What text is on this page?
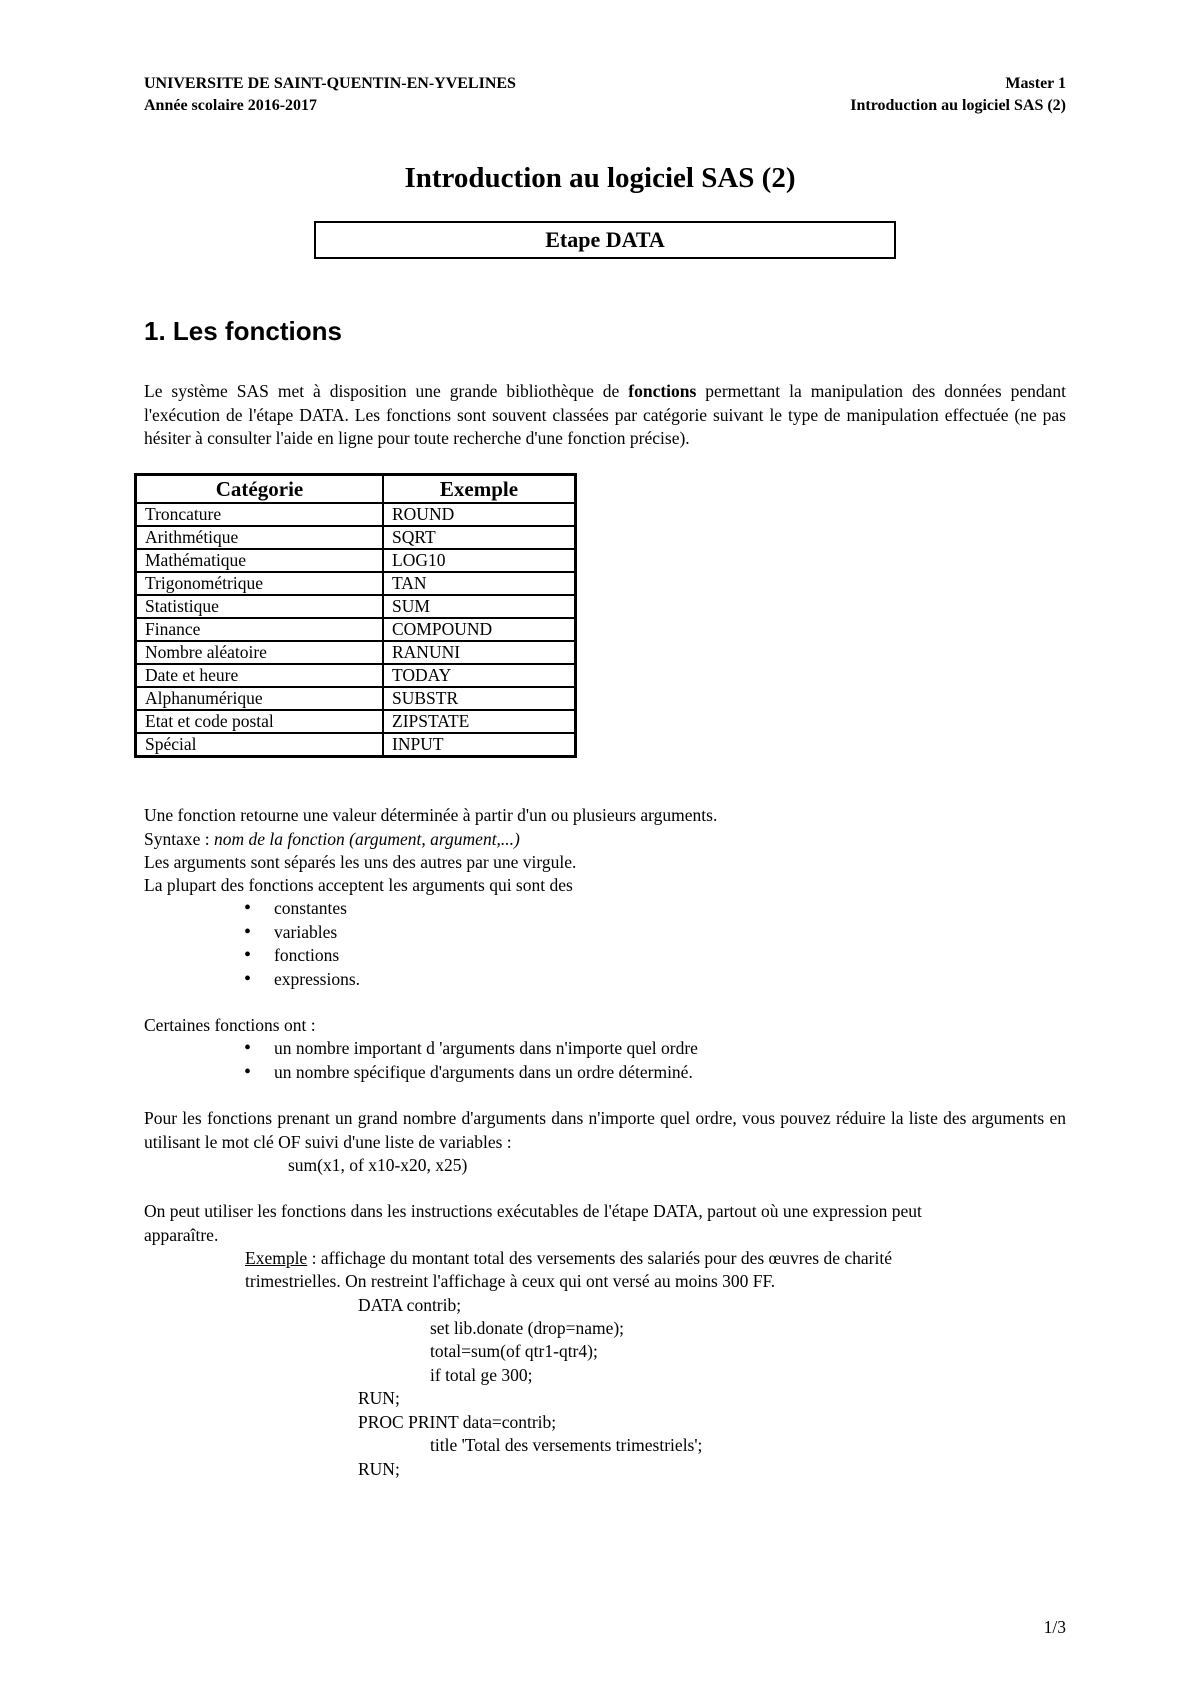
UNIVERSITE DE SAINT-QUENTIN-EN-YVELINES
Année scolaire 2016-2017
Master 1
Introduction au logiciel SAS (2)
Introduction au logiciel SAS (2)
Etape DATA
1. Les fonctions
Le système SAS met à disposition une grande bibliothèque de fonctions permettant la manipulation des données pendant l'exécution de l'étape DATA. Les fonctions sont souvent classées par catégorie suivant le type de manipulation effectuée (ne pas hésiter à consulter l'aide en ligne pour toute recherche d'une fonction précise).
Catégorie	Exemple
Troncature	ROUND
Arithmétique	SQRT
Mathématique	LOG10
Trigonométrique	TAN
Statistique	SUM
Finance	COMPOUND
Nombre aléatoire	RANUNI
Date et heure	TODAY
Alphanumérique	SUBSTR
Etat et code postal	ZIPSTATE
Spécial	INPUT
Une fonction retourne une valeur déterminée à partir d'un ou plusieurs arguments.
Syntaxe : nom de la fonction (argument, argument,...)
Les arguments sont séparés les uns des autres par une virgule.
La plupart des fonctions acceptent les arguments qui sont des
• constantes
• variables
• fonctions
• expressions.
Certaines fonctions ont :
• un nombre important d 'arguments dans n'importe quel ordre
• un nombre spécifique d'arguments dans un ordre déterminé.
Pour les fonctions prenant un grand nombre d'arguments dans n'importe quel ordre, vous pouvez réduire la liste des arguments en utilisant le mot clé OF suivi d'une liste de variables :
sum(x1, of x10-x20, x25)
On peut utiliser les fonctions dans les instructions exécutables de l'étape DATA, partout où une expression peut
apparaître.
Exemple : affichage du montant total des versements des salariés pour des œuvres de charité
trimestrielles. On restreint l'affichage à ceux qui ont versé au moins 300 FF.
DATA contrib;
set lib.donate (drop=name);
total=sum(of qtr1-qtr4);
if total ge 300;
RUN;
PROC PRINT data=contrib;
title 'Total des versements trimestriels';
RUN;
1/3
